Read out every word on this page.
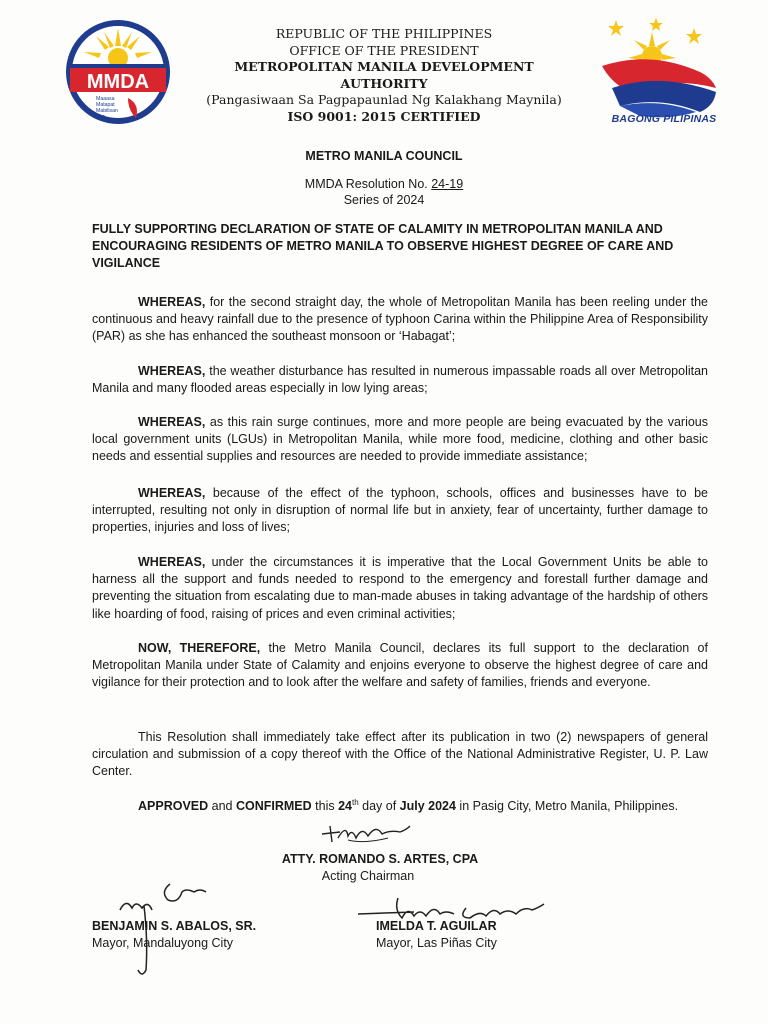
MMDA
Maaasa
Matapat
Mabilisan
Ako
REPUBLIC OF THE PHILIPPINES
OFFICE OF THE PRESIDENT
METROPOLITAN MANILA DEVELOPMENT AUTHORITY
(Pangasiwaan Sa Pagpapaunlad Ng Kalakhang Maynila)
ISO 9001: 2015 CERTIFIED	BAGONG PILIPINAS
METRO MANILA COUNCIL
MMDA Resolution No. 24-19
Series of 2024
FULLY SUPPORTING DECLARATION OF STATE OF CALAMITY IN METROPOLITAN MANILA AND ENCOURAGING RESIDENTS OF METRO MANILA TO OBSERVE HIGHEST DEGREE OF CARE AND VIGILANCE

WHEREAS, for the second straight day, the whole of Metropolitan Manila has been reeling under the continuous and heavy rainfall due to the presence of typhoon Carina within the Philippine Area of Responsibility (PAR) as she has enhanced the southeast monsoon or ‘Habagat’;

WHEREAS, the weather disturbance has resulted in numerous impassable roads all over Metropolitan Manila and many flooded areas especially in low lying areas;

WHEREAS, as this rain surge continues, more and more people are being evacuated by the various local government units (LGUs) in Metropolitan Manila, while more food, medicine, clothing and other basic needs and essential supplies and resources are needed to provide immediate assistance;

WHEREAS, because of the effect of the typhoon, schools, offices and businesses have to be interrupted, resulting not only in disruption of normal life but in anxiety, fear of uncertainty, further damage to properties, injuries and loss of lives;

WHEREAS, under the circumstances it is imperative that the Local Government Units be able to harness all the support and funds needed to respond to the emergency and forestall further damage and preventing the situation from escalating due to man-made abuses in taking advantage of the hardship of others like hoarding of food, raising of prices and even criminal activities;

NOW, THEREFORE, the Metro Manila Council, declares its full support to the declaration of Metropolitan Manila under State of Calamity and enjoins everyone to observe the highest degree of care and vigilance for their protection and to look after the welfare and safety of families, friends and everyone.

This Resolution shall immediately take effect after its publication in two (2) newspapers of general circulation and submission of a copy thereof with the Office of the National Administrative Register, U. P. Law Center.

APPROVED and CONFIRMED this 24th day of July 2024 in Pasig City, Metro Manila, Philippines.
ATTY. ROMANDO S. ARTES, CPA
Acting Chairman
BENJAMIN S. ABALOS, SR.
Mayor, Mandaluyong City
IMELDA T. AGUILAR
Mayor, Las Piñas City
